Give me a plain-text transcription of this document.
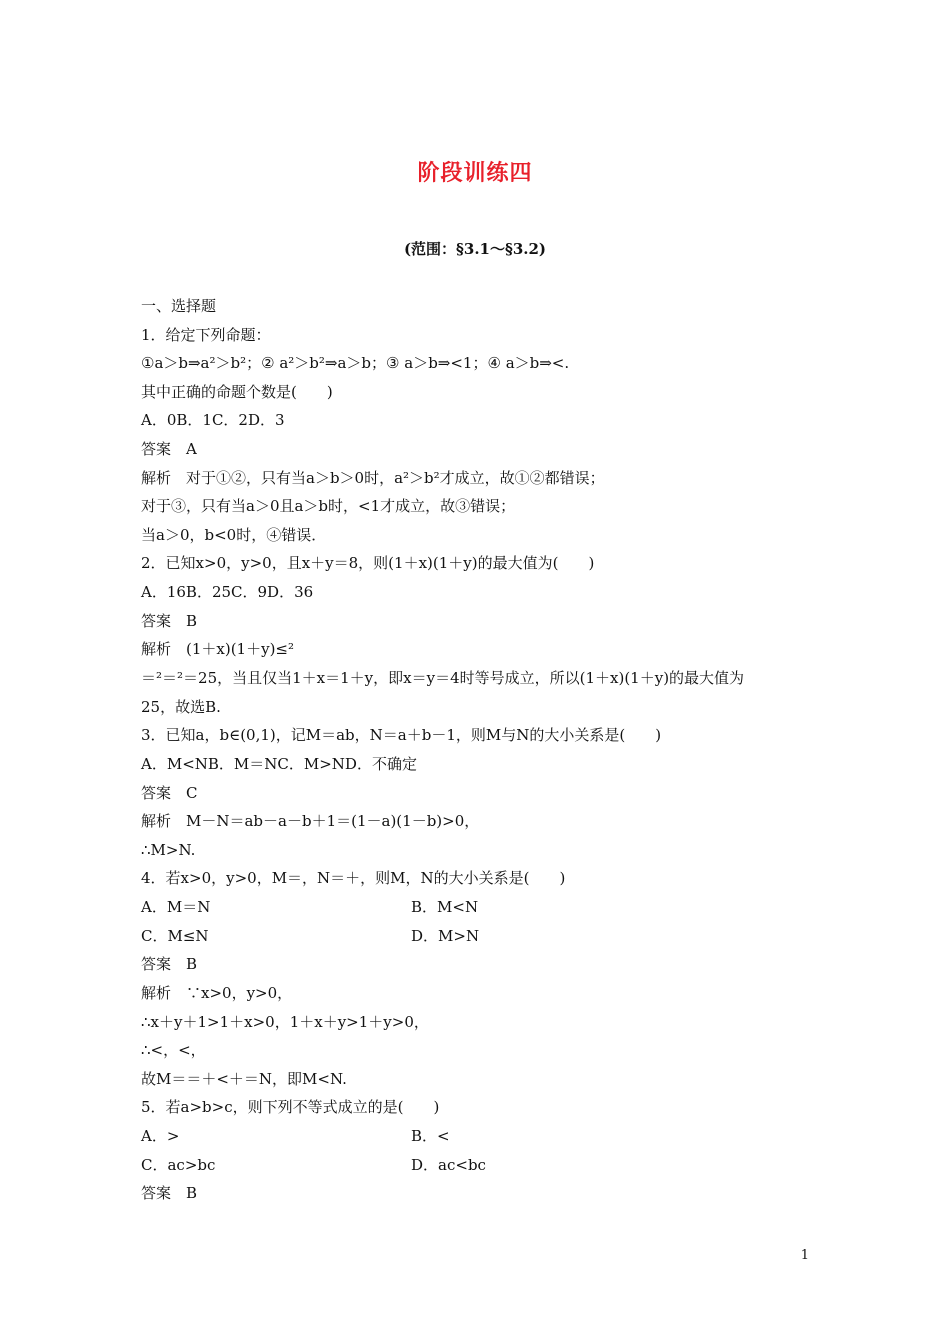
阶段训练四
(范围：§3.1～§3.2)
一、选择题
1．给定下列命题：
①a＞b⇒a²＞b²；② a²＞b²⇒a＞b；③ a＞b⇒<1；④ a＞b⇒<.
其中正确的命题个数是(　　)
A．0B．1C．2D．3
答案　A
解析　对于①②，只有当a＞b＞0时，a²＞b²才成立，故①②都错误；
对于③，只有当a＞0且a＞b时，<1才成立，故③错误；
当a＞0，b<0时，④错误．
2．已知x>0，y>0，且x＋y＝8，则(1＋x)(1＋y)的最大值为(　　)
A．16B．25C．9D．36
答案　B
解析　(1＋x)(1＋y)≤²
＝²＝²＝25，当且仅当1＋x＝1＋y，即x＝y＝4时等号成立，所以(1＋x)(1＋y)的最大值为
25，故选B.
3．已知a，b∈(0,1)，记M＝ab，N＝a＋b－1，则M与N的大小关系是(　　)
A．M<NB．M＝NC．M>ND．不确定
答案　C
解析　M－N＝ab－a－b＋1＝(1－a)(1－b)>0，
∴M>N.
4．若x>0，y>0，M＝，N＝＋，则M，N的大小关系是(　　)
A．M＝N	B．M<N
C．M≤N	D．M>N
答案　B
解析　∵x>0，y>0，
∴x＋y＋1>1＋x>0，1＋x＋y>1＋y>0，
∴<，<，
故M＝＝＋<＋＝N，即M<N.
5．若a>b>c，则下列不等式成立的是(　　)
A．>	B．<
C．ac>bc	D．ac<bc
答案　B
1
